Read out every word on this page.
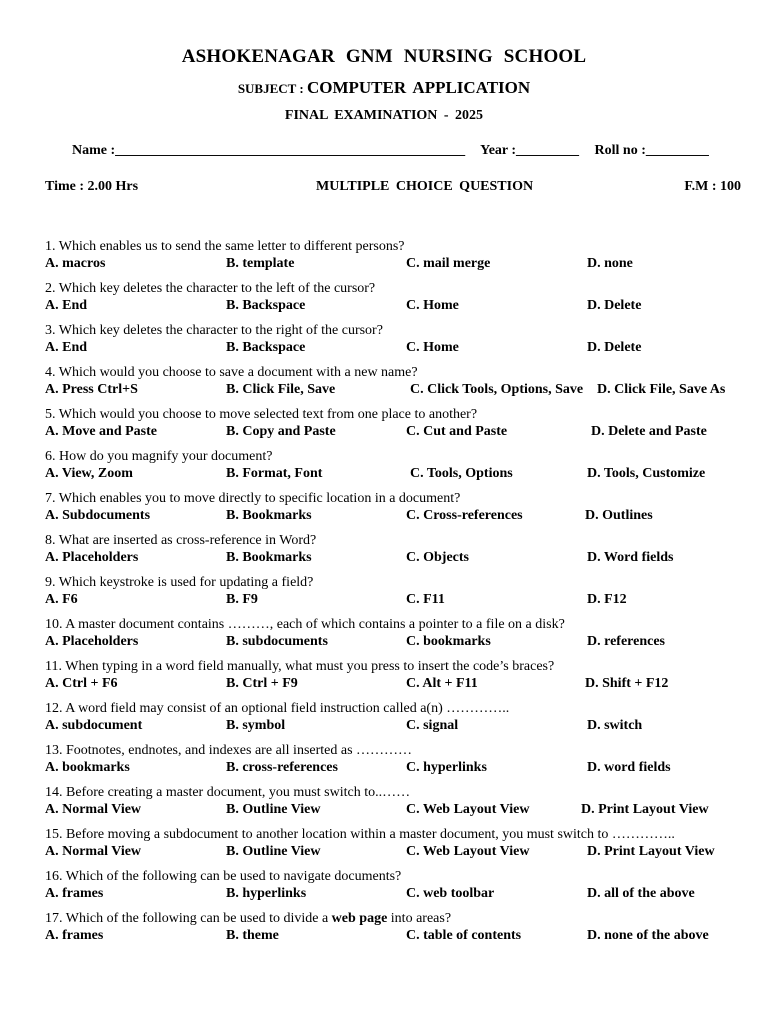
ASHOKENAGAR GNM NURSING SCHOOL
SUBJECT : COMPUTER APPLICATION
FINAL EXAMINATION - 2025
Name :__________________________________________________ Year :_________ Roll no :_________
Time : 2.00 Hrs	MULTIPLE CHOICE QUESTION	F.M : 100
1. Which enables us to send the same letter to different persons?
A. macros	B. template	C. mail merge	D. none
2. Which key deletes the character to the left of the cursor?
A. End	B. Backspace	C. Home	D. Delete
3. Which key deletes the character to the right of the cursor?
A. End	B. Backspace	C. Home	D. Delete
4. Which would you choose to save a document with a new name?
A. Press Ctrl+S	B. Click File, Save	C. Click Tools, Options, Save D. Click File, Save As
5. Which would you choose to move selected text from one place to another?
A. Move and Paste	B. Copy and Paste	C. Cut and Paste	D. Delete and Paste
6. How do you magnify your document?
A. View, Zoom	B. Format, Font	C. Tools, Options	D. Tools, Customize
7. Which enables you to move directly to specific location in a document?
A. Subdocuments	B. Bookmarks	C. Cross-references	D. Outlines
8. What are inserted as cross-reference in Word?
A. Placeholders	B. Bookmarks	C. Objects	D. Word fields
9. Which keystroke is used for updating a field?
A. F6	B. F9	C. F11	D. F12
10. A master document contains ………, each of which contains a pointer to a file on a disk?
A. Placeholders	B. subdocuments	C. bookmarks	D. references
11. When typing in a word field manually, what must you press to insert the code’s braces?
A. Ctrl + F6	B. Ctrl + F9	C. Alt + F11	D. Shift + F12
12. A word field may consist of an optional field instruction called a(n) …………..
A. subdocument	B. symbol	C. signal	D. switch
13. Footnotes, endnotes, and indexes are all inserted as …………
A. bookmarks	B. cross-references	C. hyperlinks	D. word fields
14. Before creating a master document, you must switch to..……
A. Normal View	B. Outline View	C. Web Layout View	D. Print Layout View
15. Before moving a subdocument to another location within a master document, you must switch to …………..
A. Normal View	B. Outline View	C. Web Layout View	D. Print Layout View
16. Which of the following can be used to navigate documents?
A. frames	B. hyperlinks	C. web toolbar	D. all of the above
17. Which of the following can be used to divide a web page into areas?
A. frames	B. theme	C. table of contents	D. none of the above
